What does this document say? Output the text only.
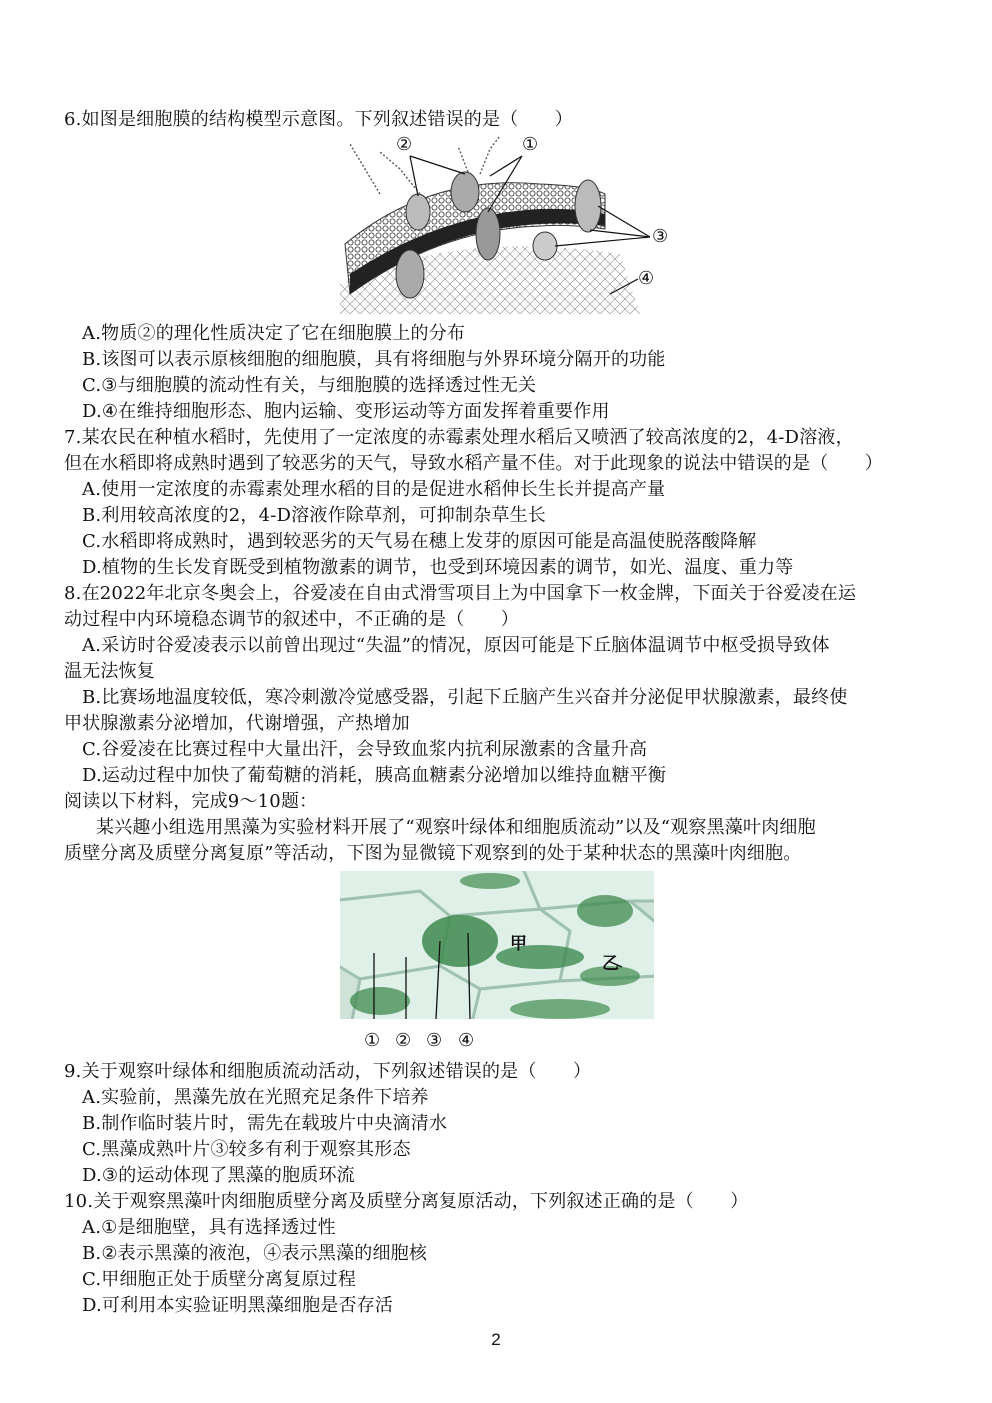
6.如图是细胞膜的结构模型示意图。下列叙述错误的是（　　）
②	①
③
④
A.物质②的理化性质决定了它在细胞膜上的分布
B.该图可以表示原核细胞的细胞膜，具有将细胞与外界环境分隔开的功能
C.③与细胞膜的流动性有关，与细胞膜的选择透过性无关
D.④在维持细胞形态、胞内运输、变形运动等方面发挥着重要作用
7.某农民在种植水稻时，先使用了一定浓度的赤霉素处理水稻后又喷洒了较高浓度的2，4-D溶液，
但在水稻即将成熟时遇到了较恶劣的天气，导致水稻产量不佳。对于此现象的说法中错误的是（　　）
A.使用一定浓度的赤霉素处理水稻的目的是促进水稻伸长生长并提高产量
B.利用较高浓度的2，4-D溶液作除草剂，可抑制杂草生长
C.水稻即将成熟时，遇到较恶劣的天气易在穗上发芽的原因可能是高温使脱落酸降解
D.植物的生长发育既受到植物激素的调节，也受到环境因素的调节，如光、温度、重力等
8.在2022年北京冬奥会上，谷爱凌在自由式滑雪项目上为中国拿下一枚金牌，下面关于谷爱凌在运
动过程中内环境稳态调节的叙述中，不正确的是（　　）
A.采访时谷爱凌表示以前曾出现过“失温”的情况，原因可能是下丘脑体温调节中枢受损导致体
温无法恢复
B.比赛场地温度较低，寒冷刺激冷觉感受器，引起下丘脑产生兴奋并分泌促甲状腺激素，最终使
甲状腺激素分泌增加，代谢增强，产热增加
C.谷爱凌在比赛过程中大量出汗，会导致血浆内抗利尿激素的含量升高
D.运动过程中加快了葡萄糖的消耗，胰高血糖素分泌增加以维持血糖平衡
阅读以下材料，完成9～10题：
某兴趣小组选用黑藻为实验材料开展了“观察叶绿体和细胞质流动”以及“观察黑藻叶肉细胞
质壁分离及质壁分离复原”等活动，下图为显微镜下观察到的处于某种状态的黑藻叶肉细胞。
甲
乙
① ② ③ ④
9.关于观察叶绿体和细胞质流动活动，下列叙述错误的是（　　）
A.实验前，黑藻先放在光照充足条件下培养
B.制作临时装片时，需先在载玻片中央滴清水
C.黑藻成熟叶片③较多有利于观察其形态
D.③的运动体现了黑藻的胞质环流
10.关于观察黑藻叶肉细胞质壁分离及质壁分离复原活动，下列叙述正确的是（　　）
A.①是细胞壁，具有选择透过性
B.②表示黑藻的液泡，④表示黑藻的细胞核
C.甲细胞正处于质壁分离复原过程
D.可利用本实验证明黑藻细胞是否存活
2
